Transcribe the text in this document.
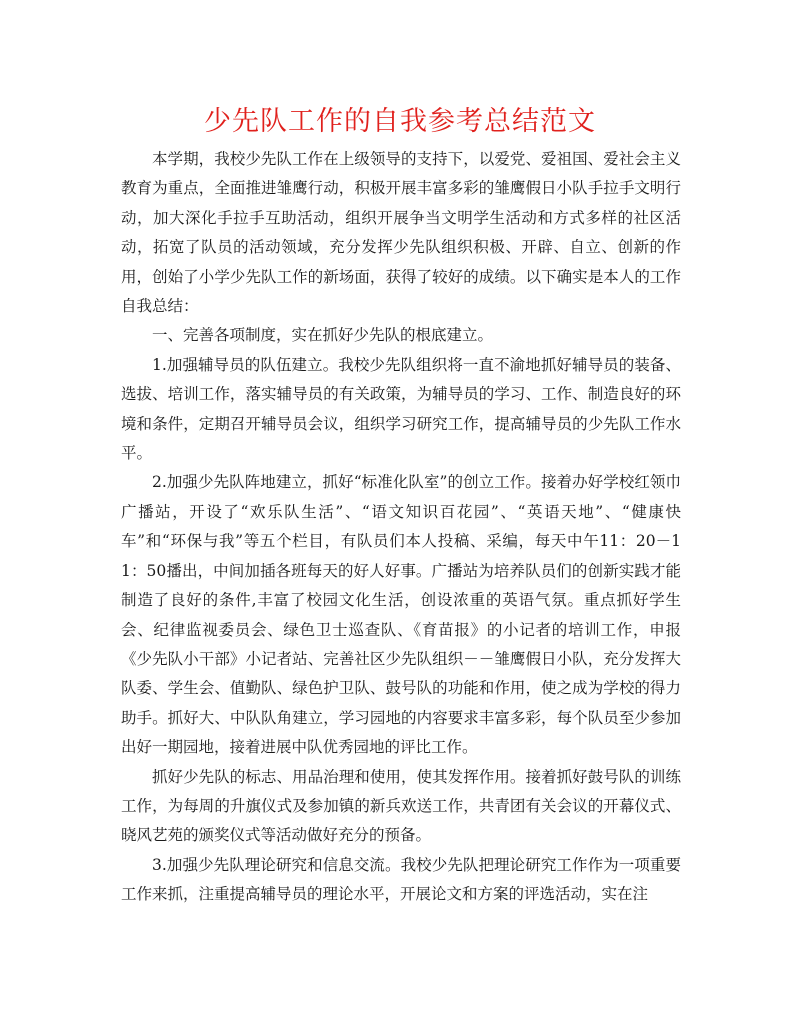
少先队工作的自我参考总结范文

本学期，我校少先队工作在上级领导的支持下，以爱党、爱祖国、爱社会主义教育为重点，全面推进雏鹰行动，积极开展丰富多彩的雏鹰假日小队手拉手文明行动，加大深化手拉手互助活动，组织开展争当文明学生活动和方式多样的社区活动，拓宽了队员的活动领域，充分发挥少先队组织积极、开辟、自立、创新的作用，创始了小学少先队工作的新场面，获得了较好的成绩。以下确实是本人的工作自我总结：

一、完善各项制度，实在抓好少先队的根底建立。

1.加强辅导员的队伍建立。我校少先队组织将一直不渝地抓好辅导员的装备、选拔、培训工作，落实辅导员的有关政策，为辅导员的学习、工作、制造良好的环境和条件，定期召开辅导员会议，组织学习研究工作，提高辅导员的少先队工作水平。

2.加强少先队阵地建立，抓好“标准化队室”的创立工作。接着办好学校红领巾广播站，开设了“欢乐队生活”、“语文知识百花园”、“英语天地”、“健康快车”和“环保与我”等五个栏目，有队员们本人投稿、采编，每天中午11：20－11：50播出，中间加插各班每天的好人好事。广播站为培养队员们的创新实践才能制造了良好的条件,丰富了校园文化生活，创设浓重的英语气氛。重点抓好学生会、纪律监视委员会、绿色卫士巡查队、《育苗报》的小记者的培训工作，申报《少先队小干部》小记者站、完善社区少先队组织－－雏鹰假日小队，充分发挥大队委、学生会、值勤队、绿色护卫队、鼓号队的功能和作用，使之成为学校的得力助手。抓好大、中队队角建立，学习园地的内容要求丰富多彩，每个队员至少参加出好一期园地，接着进展中队优秀园地的评比工作。

抓好少先队的标志、用品治理和使用，使其发挥作用。接着抓好鼓号队的训练工作，为每周的升旗仪式及参加镇的新兵欢送工作，共青团有关会议的开幕仪式、晓风艺苑的颁奖仪式等活动做好充分的预备。

3.加强少先队理论研究和信息交流。我校少先队把理论研究工作作为一项重要工作来抓，注重提高辅导员的理论水平，开展论文和方案的评选活动，实在注
